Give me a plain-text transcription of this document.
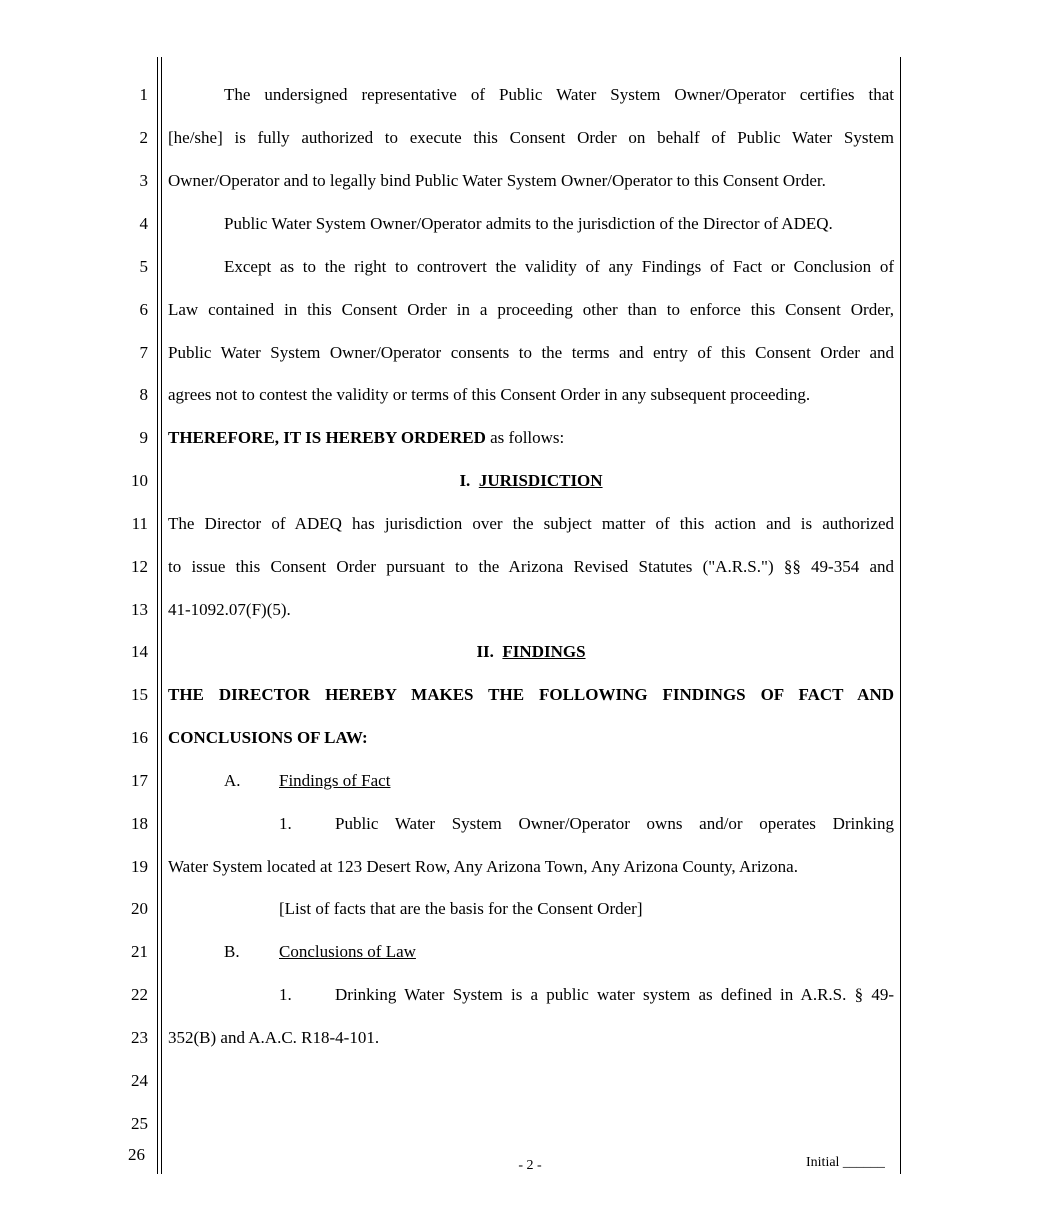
1
2
3
4
5
6
7
8
9
10
11
12
13
14
15
16
17
18
19
20
21
22
23
24
25
26
The undersigned representative of Public Water System Owner/Operator certifies that
[he/she] is fully authorized to execute this Consent Order on behalf of Public Water System
Owner/Operator and to legally bind Public Water System Owner/Operator to this Consent Order.
Public Water System Owner/Operator admits to the jurisdiction of the Director of ADEQ.
Except as to the right to controvert the validity of any Findings of Fact or Conclusion of
Law contained in this Consent Order in a proceeding other than to enforce this Consent Order,
Public Water System Owner/Operator consents to the terms and entry of this Consent Order and
agrees not to contest the validity or terms of this Consent Order in any subsequent proceeding.
THEREFORE, IT IS HEREBY ORDERED as follows:
I. JURISDICTION
The Director of ADEQ has jurisdiction over the subject matter of this action and is authorized
to issue this Consent Order pursuant to the Arizona Revised Statutes ("A.R.S.") §§ 49-354 and
41-1092.07(F)(5).
II. FINDINGS
THE DIRECTOR HEREBY MAKES THE FOLLOWING FINDINGS OF FACT AND
CONCLUSIONS OF LAW:
A. Findings of Fact
1.	Public Water System Owner/Operator owns and/or operates Drinking
Water System located at 123 Desert Row, Any Arizona Town, Any Arizona County, Arizona.
[List of facts that are the basis for the Consent Order]
B. Conclusions of Law
1.	Drinking Water System is a public water system as defined in A.R.S. § 49-
352(B) and A.A.C. R18-4-101.
- 2 -	Initial ______
